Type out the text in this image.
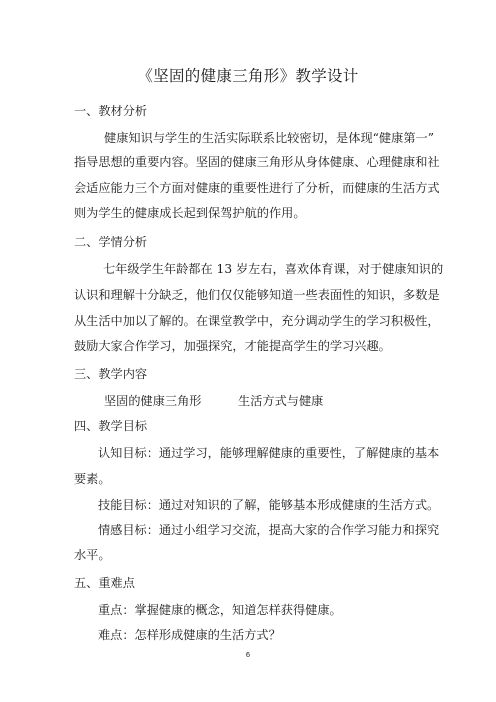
《坚固的健康三角形》教学设计
一、教材分析
健康知识与学生的生活实际联系比较密切，是体现“健康第一”
指导思想的重要内容。坚固的健康三角形从身体健康、心理健康和社
会适应能力三个方面对健康的重要性进行了分析，而健康的生活方式
则为学生的健康成长起到保驾护航的作用。
二、学情分析
七年级学生年龄都在 13 岁左右，喜欢体育课，对于健康知识的
认识和理解十分缺乏，他们仅仅能够知道一些表面性的知识，多数是
从生活中加以了解的。在课堂教学中，充分调动学生的学习积极性，
鼓励大家合作学习，加强探究，才能提高学生的学习兴趣。
三、教学内容
坚固的健康三角形　　　生活方式与健康
四、教学目标
认知目标：通过学习，能够理解健康的重要性，了解健康的基本
要素。
技能目标：通过对知识的了解，能够基本形成健康的生活方式。
情感目标：通过小组学习交流，提高大家的合作学习能力和探究
水平。
五、重难点
重点：掌握健康的概念，知道怎样获得健康。
难点：怎样形成健康的生活方式？
6
